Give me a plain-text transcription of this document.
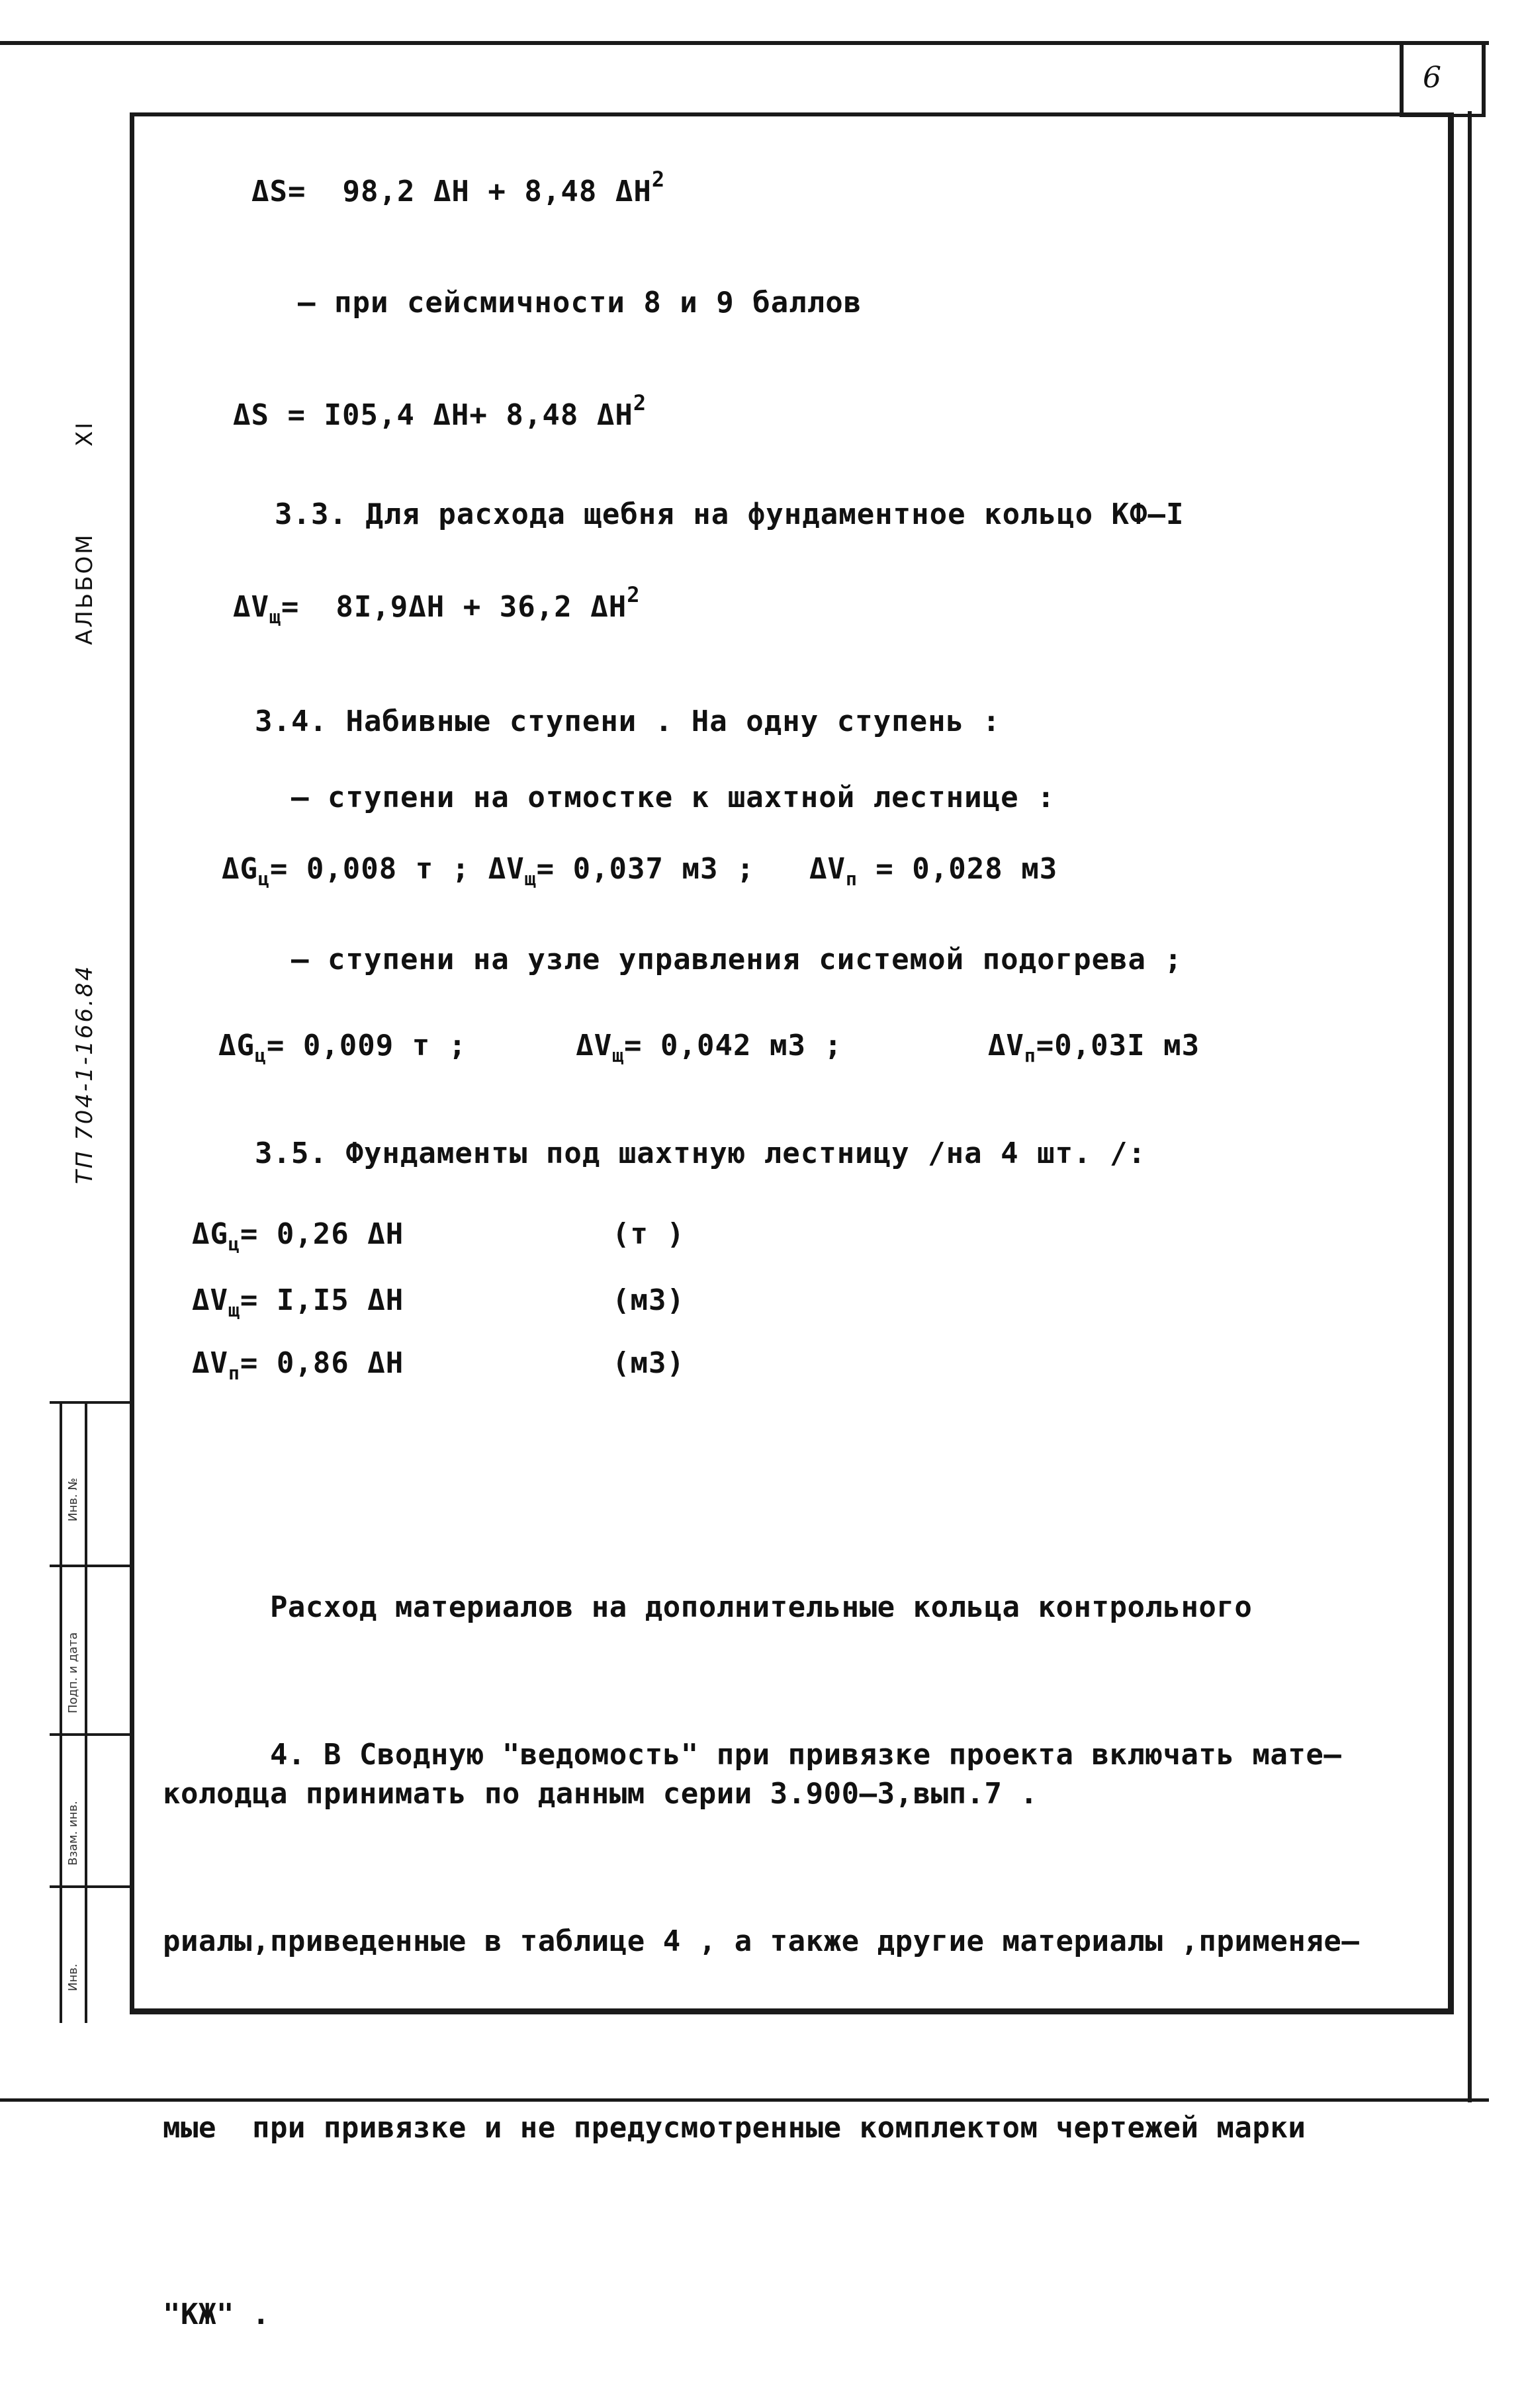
6
Инв. №
Подп. и дата
Взам. инв.
Инв.
XI
АЛЬБОМ
ТП 704-1-166.84
ΔS= 98,2 ΔH + 8,48 $\Delta H^2$
– при сейсмичности 8 и 9 баллов
ΔS = I05,4 ΔH+ 8,48 $\Delta H^2$
3.3. Для расхода щебня на фундаментное кольцо КФ–I
$\Delta V_щ= 8I,9\Delta H + 36,2$ $\Delta H^2$
3.4. Набивные ступени . На одну ступень :
– ступени на отмостке к шахтной лестнице :
$\Delta G_ц= 0,008$ т ; $\Delta V_щ= 0,037$ м3 ; $\Delta V_п = 0,028$ м3
– ступени на узле управления системой подогрева ;
$\Delta G_ц= 0,009$ т ;	$\Delta V_щ= 0,042$ м3 ;	$\Delta V_п=0,03I$ м3
3.5. Фундаменты под шахтную лестницу /на 4 шт. /:
$\Delta G_ц= 0,26$ ΔH	(т )
$\Delta V_щ= I,I5$ ΔH	(м3)
$\Delta V_п= 0,86$ ΔH	(м3)

Расход материалов на дополнительные кольца контрольного

колодца принимать по данным серии 3.900–3,вып.7 .

4. В Сводную "ведомость" при привязке проекта включать мате–

риалы,приведенные в таблице 4 , а также другие материалы ,применяе–

мые  при привязке и не предусмотренные комплектом чертежей марки

"КЖ" .
